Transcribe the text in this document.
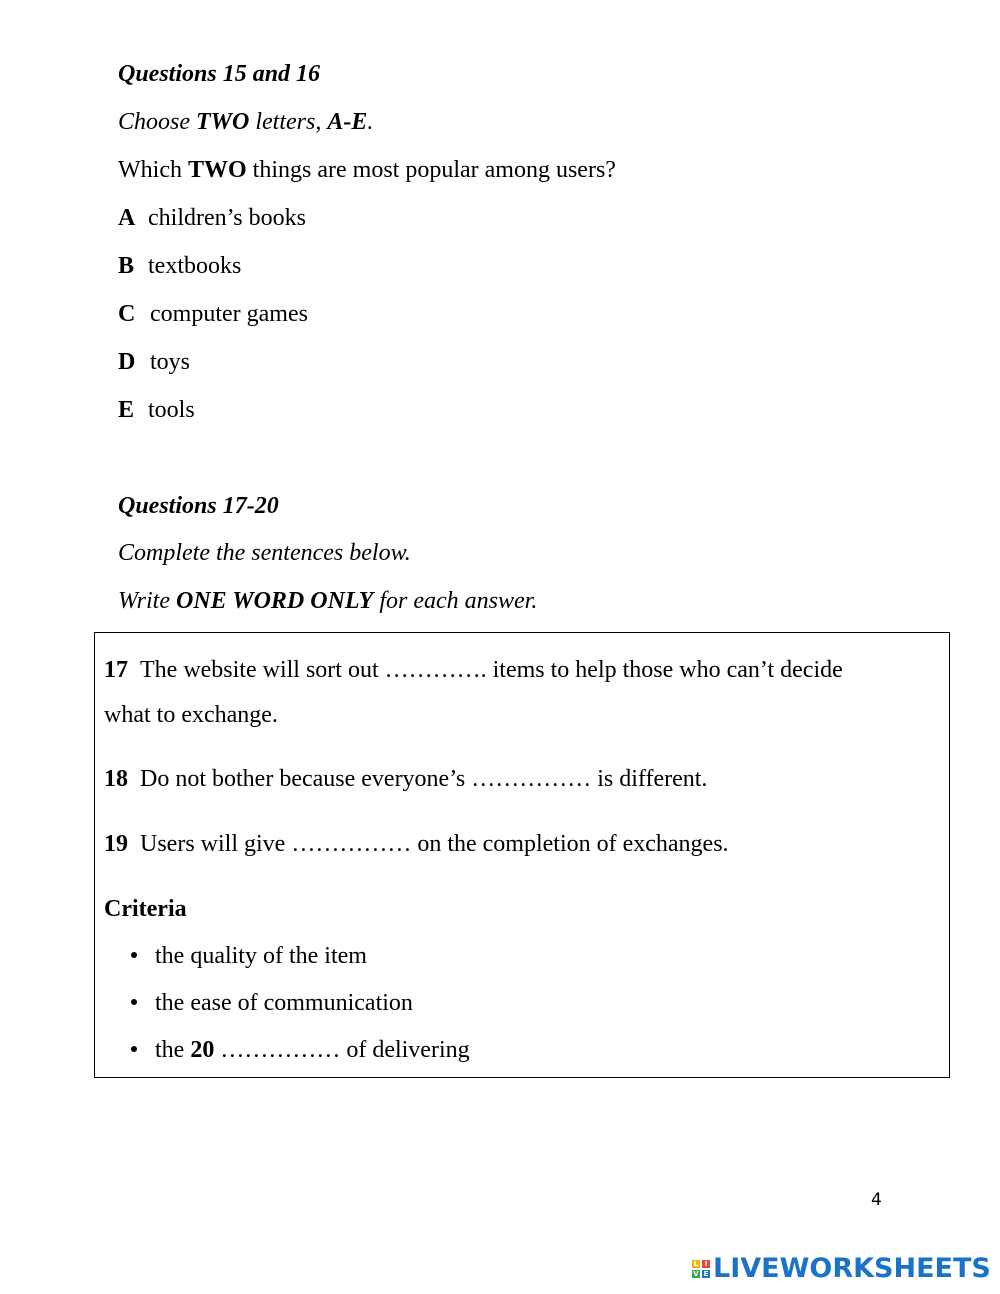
Questions 15 and 16
Choose TWO letters, A-E.
Which TWO things are most popular among users?
A children’s books
B textbooks
C computer games
D toys
E tools
Questions 17-20
Complete the sentences below.
Write ONE WORD ONLY for each answer.
17 The website will sort out …………. items to help those who can’t decide
what to exchange.
18 Do not bother because everyone’s …………… is different.
19 Users will give …………… on the completion of exchanges.
Criteria
the quality of the item
the ease of communication
the 20 …………… of delivering
4
L I
V E LIVEWORKSHEETS
